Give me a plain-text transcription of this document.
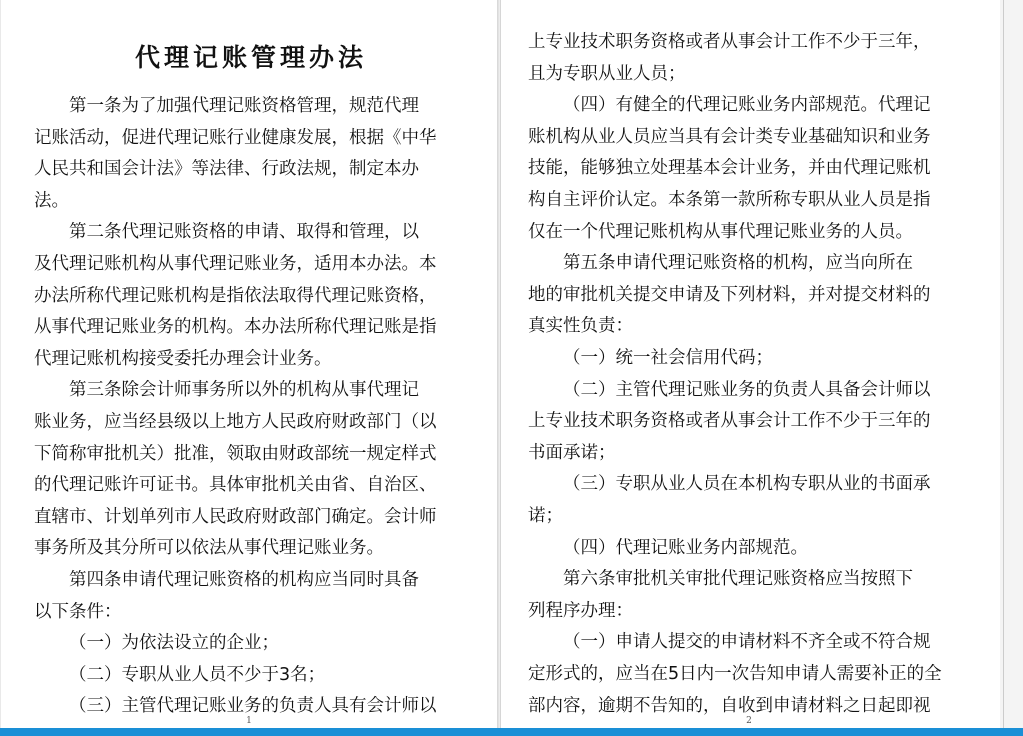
代理记账管理办法
第一条为了加强代理记账资格管理，规范代理
记账活动，促进代理记账行业健康发展，根据《中华
人民共和国会计法》等法律、行政法规，制定本办
法。
第二条代理记账资格的申请、取得和管理，以
及代理记账机构从事代理记账业务，适用本办法。本
办法所称代理记账机构是指依法取得代理记账资格，
从事代理记账业务的机构。本办法所称代理记账是指
代理记账机构接受委托办理会计业务。
第三条除会计师事务所以外的机构从事代理记
账业务，应当经县级以上地方人民政府财政部门（以
下简称审批机关）批准，领取由财政部统一规定样式
的代理记账许可证书。具体审批机关由省、自治区、
直辖市、计划单列市人民政府财政部门确定。会计师
事务所及其分所可以依法从事代理记账业务。
第四条申请代理记账资格的机构应当同时具备
以下条件：
（一）为依法设立的企业；
（二）专职从业人员不少于3名；
（三）主管代理记账业务的负责人具有会计师以
1
上专业技术职务资格或者从事会计工作不少于三年，
且为专职从业人员；
（四）有健全的代理记账业务内部规范。代理记
账机构从业人员应当具有会计类专业基础知识和业务
技能，能够独立处理基本会计业务，并由代理记账机
构自主评价认定。本条第一款所称专职从业人员是指
仅在一个代理记账机构从事代理记账业务的人员。
第五条申请代理记账资格的机构，应当向所在
地的审批机关提交申请及下列材料，并对提交材料的
真实性负责：
（一）统一社会信用代码；
（二）主管代理记账业务的负责人具备会计师以
上专业技术职务资格或者从事会计工作不少于三年的
书面承诺；
（三）专职从业人员在本机构专职从业的书面承
诺；
（四）代理记账业务内部规范。
第六条审批机关审批代理记账资格应当按照下
列程序办理：
（一）申请人提交的申请材料不齐全或不符合规
定形式的，应当在5日内一次告知申请人需要补正的全
部内容，逾期不告知的，自收到申请材料之日起即视
2
